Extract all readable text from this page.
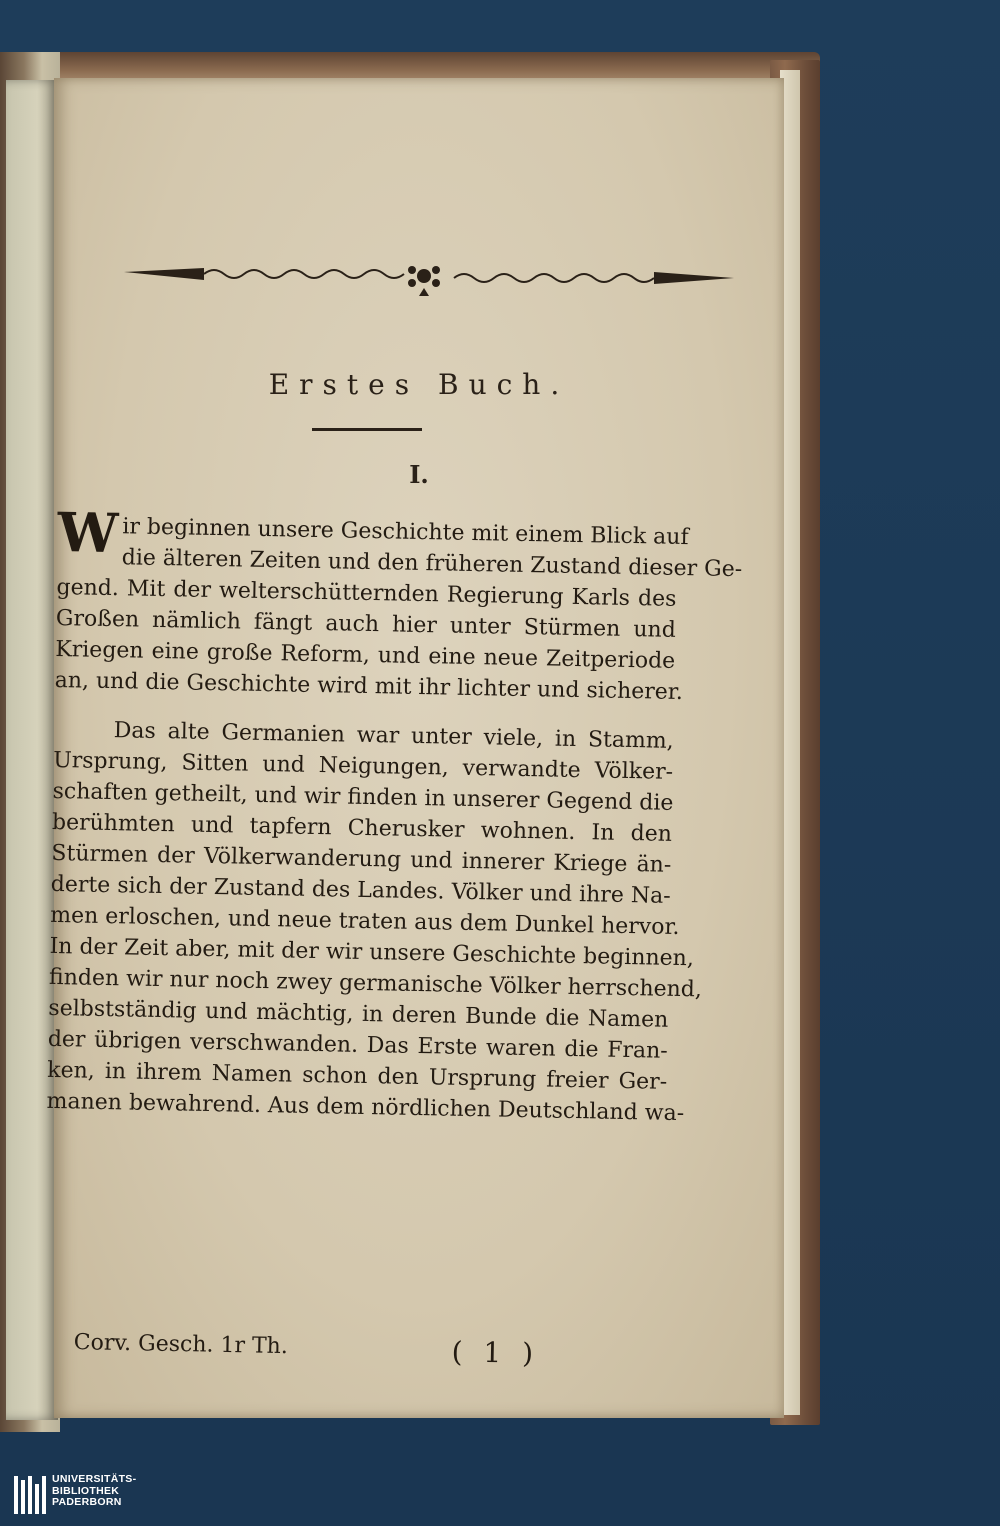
Erstes Buch.
I.
W ir beginnen unsere Geschichte mit einem Blick auf
die älteren Zeiten und den früheren Zustand dieser Ge-
gend. Mit der welterschütternden Regierung Karls des
Großen nämlich fängt auch hier unter Stürmen und
Kriegen eine große Reform, und eine neue Zeitperiode
an, und die Geschichte wird mit ihr lichter und sicherer.
Das alte Germanien war unter viele, in Stamm,
Ursprung, Sitten und Neigungen, verwandte Völker-
schaften getheilt, und wir finden in unserer Gegend die
berühmten und tapfern Cherusker wohnen. In den
Stürmen der Völkerwanderung und innerer Kriege än-
derte sich der Zustand des Landes. Völker und ihre Na-
men erloschen, und neue traten aus dem Dunkel hervor.
In der Zeit aber, mit der wir unsere Geschichte beginnen,
finden wir nur noch zwey germanische Völker herrschend,
selbstständig und mächtig, in deren Bunde die Namen
der übrigen verschwanden. Das Erste waren die Fran-
ken, in ihrem Namen schon den Ursprung freier Ger-
manen bewahrend. Aus dem nördlichen Deutschland wa-
Corv. Gesch. 1r Th.	( 1 )
UNIVERSITÄTS-
BIBLIOTHEK
PADERBORN
